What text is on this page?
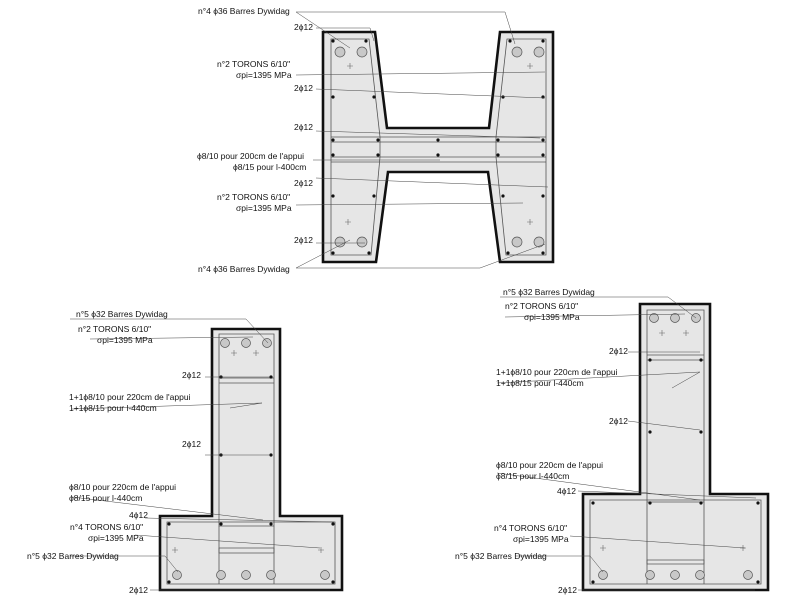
n°4 ϕ36 Barres Dywidag
2ϕ12
n°2 TORONS 6/10"
σpi=1395 MPa
2ϕ12
2ϕ12
ϕ8/10 pour 200cm de l'appui
ϕ8/15 pour l-400cm
2ϕ12
n°2 TORONS 6/10"
σpi=1395 MPa
2ϕ12
n°4 ϕ36 Barres Dywidag
n°5 ϕ32 Barres Dywidag
n°2 TORONS 6/10"
σpi=1395 MPa
2ϕ12
1+1ϕ8/10 pour 220cm de l'appui
1+1ϕ8/15 pour l-440cm
2ϕ12
ϕ8/10 pour 220cm de l'appui
ϕ8/15 pour l-440cm
4ϕ12
n°4 TORONS 6/10"
σpi=1395 MPa
n°5 ϕ32 Barres Dywidag
2ϕ12
n°5 ϕ32 Barres Dywidag
n°2 TORONS 6/10"
σpi=1395 MPa
2ϕ12
1+1ϕ8/10 pour 220cm de l'appui
1+1ϕ8/15 pour l-440cm
2ϕ12
ϕ8/10 pour 220cm de l'appui
ϕ8/15 pour l-440cm
4ϕ12
n°4 TORONS 6/10"
σpi=1395 MPa
n°5 ϕ32 Barres Dywidag
2ϕ12
